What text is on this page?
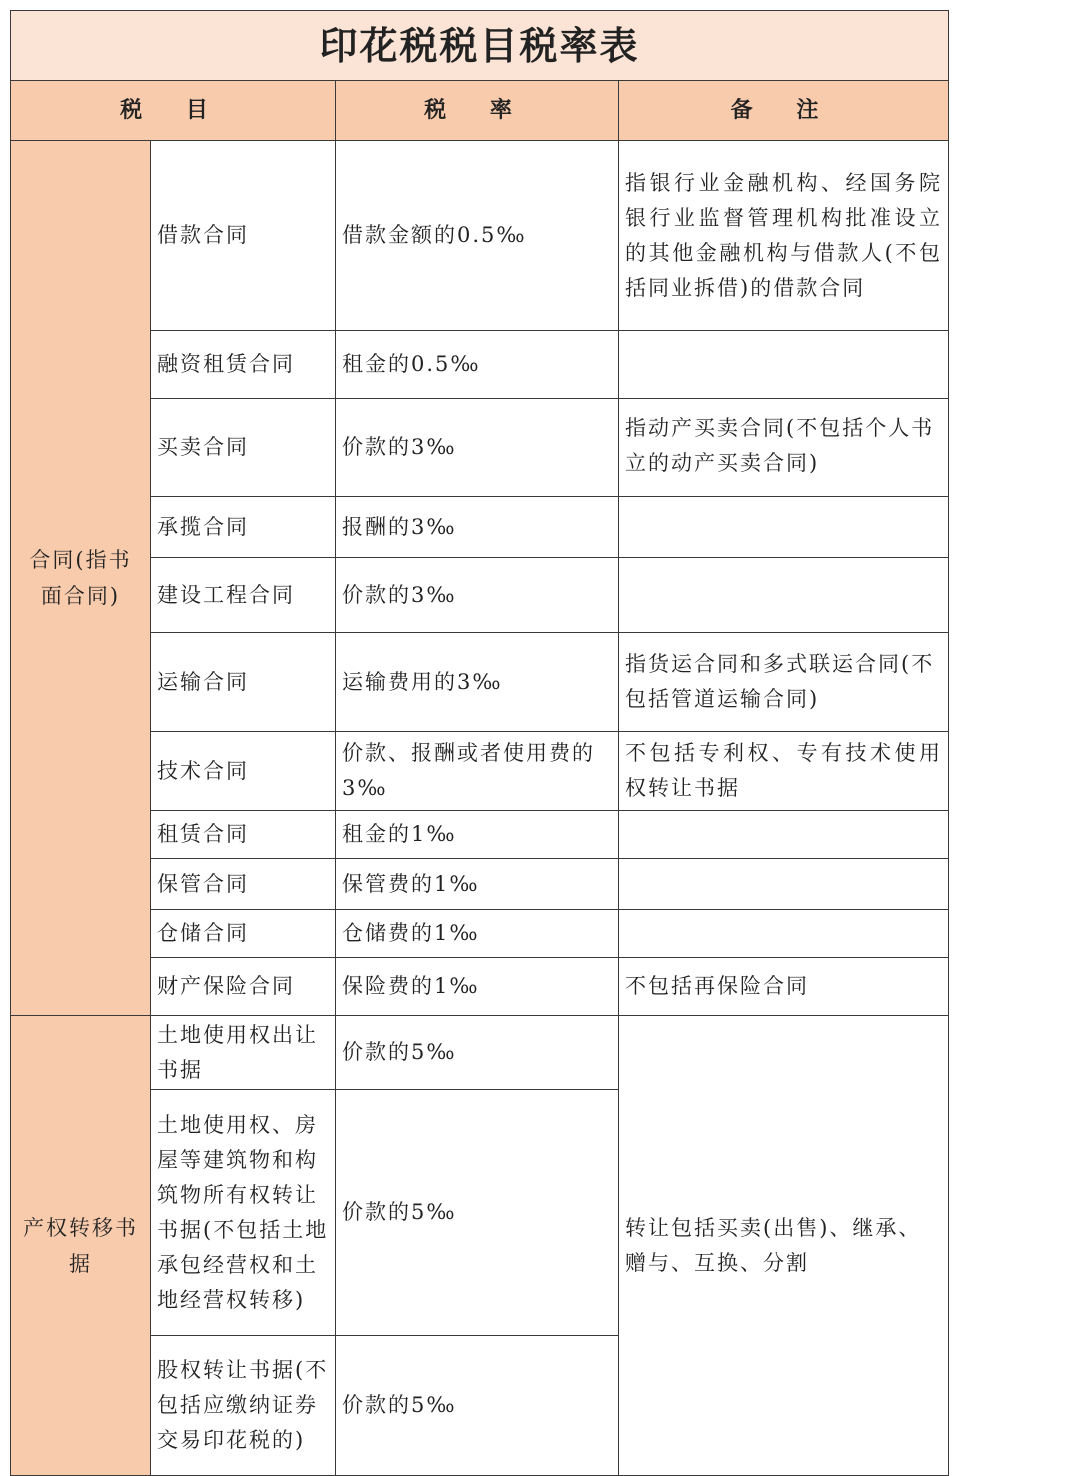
印花税税目税率表			
税 目		税 率	备 注
合同(指书面合同)	借款合同	借款金额的0.5‰	指银行业金融机构、经国务院银行业监督管理机构批准设立的其他金融机构与借款人(不包括同业拆借)的借款合同
	融资租赁合同	租金的0.5‰	
	买卖合同	价款的3‰	指动产买卖合同(不包括个人书立的动产买卖合同)
	承揽合同	报酬的3‰	
	建设工程合同	价款的3‰	
	运输合同	运输费用的3‰	指货运合同和多式联运合同(不包括管道运输合同)
	技术合同	价款、报酬或者使用费的3‰	不包括专利权、专有技术使用权转让书据
	租赁合同	租金的1‰	
	保管合同	保管费的1‰	
	仓储合同	仓储费的1‰	
	财产保险合同	保险费的1‰	不包括再保险合同
产权转移书据	土地使用权出让书据	价款的5‰	转让包括买卖(出售)、继承、赠与、互换、分割
	土地使用权、房屋等建筑物和构筑物所有权转让书据(不包括土地承包经营权和土地经营权转移)	价款的5‰	
	股权转让书据(不包括应缴纳证券交易印花税的)	价款的5‰	
